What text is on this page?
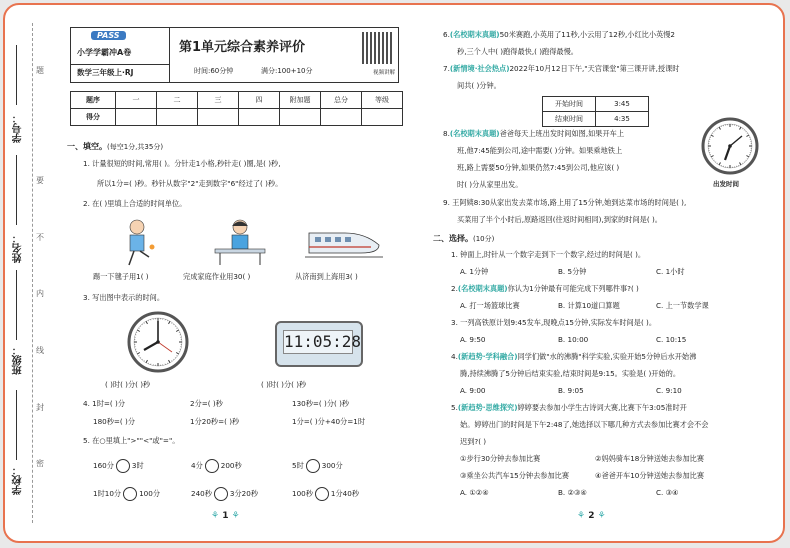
学号：
姓名：
班级：
学校：
题
要
不
内
线
封
密
PASS
小学学霸冲A卷
数学三年级上·RJ
第1单元综合素养评价
时间:60分钟	满分:100+10分	视频讲解
题序	一	二	三	四	附加题	总分	等级
得分							
一、填空。(每空1分,共35分)
1. 计量很短的时间,常用( )。分针走1小格,秒针走( )圈,是( )秒,
所以1分=( )秒。秒针从数字"2"走到数字"6"经过了( )秒。
2. 在( )里填上合适的时间单位。
踢一下毽子用1( )	完成家庭作业用30( )	从济南到上海用3( )
3. 写出图中表示的时间。
11:05:28
( )时( )分( )秒	( )时( )分( )秒
4. 1时=( )分	2分=( )秒	130秒=( )分( )秒
180秒=( )分	1分20秒=( )秒	1分=( )分+40分=1时
5. 在○里填上">""<"或"="。
160分	3时	4分	200秒	5时	300分
1时10分	100分	240秒	3分20秒	100秒	1分40秒
⚘ 1 ⚘
6.(名校期末真题)50米赛跑,小英用了11秒,小云用了12秒,小红比小英慢2
秒,三个人中( )跑得最快,( )跑得最慢。
7.(新情境·社会热点)2022年10月12日下午,"天宫课堂"第三课开讲,授课时
间共( )分钟。
开始时间	3:45
结束时间	4:35
8.(名校期末真题)爸爸每天上班出发时间如图,如果开车上
班,他7:45能到公司,途中需要( )分钟。如果乘地铁上
班,路上需要50分钟,如果仍然7:45到公司,他应该( )
时( )分从家里出发。	出发时间
9. 王阿姨8:30从家出发去菜市场,路上用了15分钟,她到达菜市场的时间是( ),
买菜用了半个小时后,原路返回(往返时间相同),到家的时间是( )。
二、选择。(10分)
1. 钟面上,时针从一个数字走到下一个数字,经过的时间是( )。
A. 1分钟	B. 5分钟	C. 1小时
2.(名校期末真题)你认为1分钟最有可能完成下列哪件事?( )
A. 打一场篮球比赛	B. 计算10道口算题	C. 上一节数学课
3. 一列高铁原计划9:45发车,现晚点15分钟,实际发车时间是( )。
A. 9:50	B. 10:00	C. 10:15
4.(新趋势·学科融合)同学们做"水的沸腾"科学实验,实验开始5分钟后水开始沸
腾,持续沸腾了5分钟后结束实验,结束时间是9:15。实验是( )开始的。
A. 9:00	B. 9:05	C. 9:10
5.(新趋势·思维探究)婷婷要去参加小学生古诗词大赛,比赛下午3:05准时开
始。婷婷出门的时间是下午2:48了,她选择以下哪几种方式去参加比赛才会不会
迟到?( )
①步行30分钟去参加比赛	②妈妈骑车18分钟送她去参加比赛
③乘坐公共汽车15分钟去参加比赛	④爸爸开车10分钟送她去参加比赛
A. ①②④	B. ②③④	C. ③④
⚘ 2 ⚘
